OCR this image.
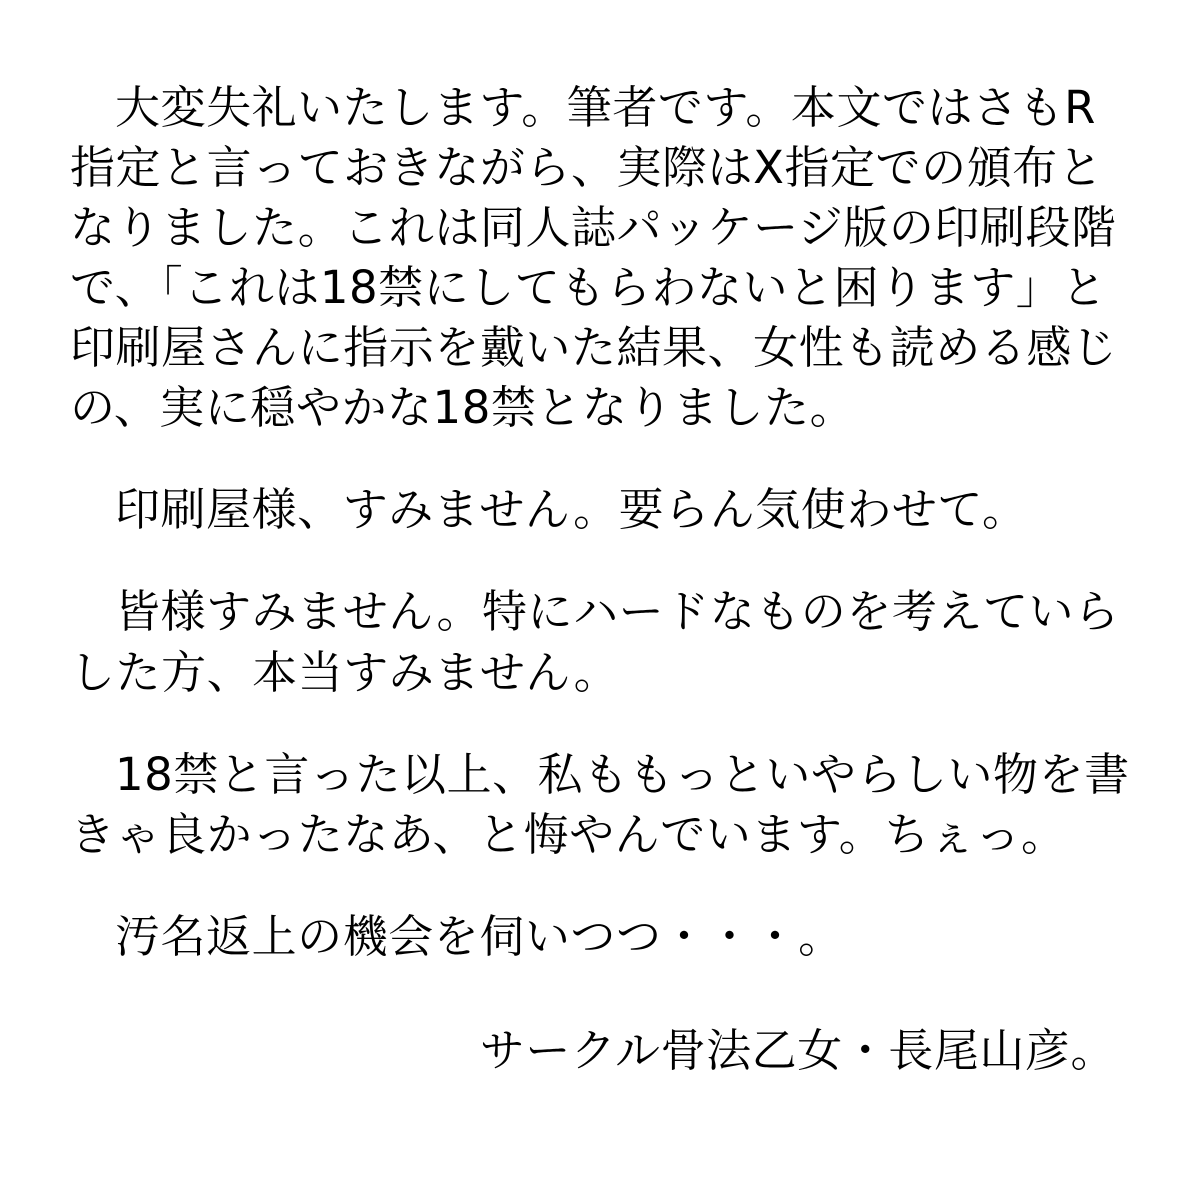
大変失礼いたします。筆者です。本文ではさもR指定と言っておきながら、実際はX指定での頒布となりました。これは同人誌パッケージ版の印刷段階で、「これは18禁にしてもらわないと困ります」と印刷屋さんに指示を戴いた結果、女性も読める感じの、実に穏やかな18禁となりました。

印刷屋様、すみません。要らん気使わせて。

皆様すみません。特にハードなものを考えていらした方、本当すみません。

18禁と言った以上、私ももっといやらしい物を書きゃ良かったなあ、と悔やんでいます。ちぇっ。

汚名返上の機会を伺いつつ・・・。

サークル骨法乙女・長尾山彦。
